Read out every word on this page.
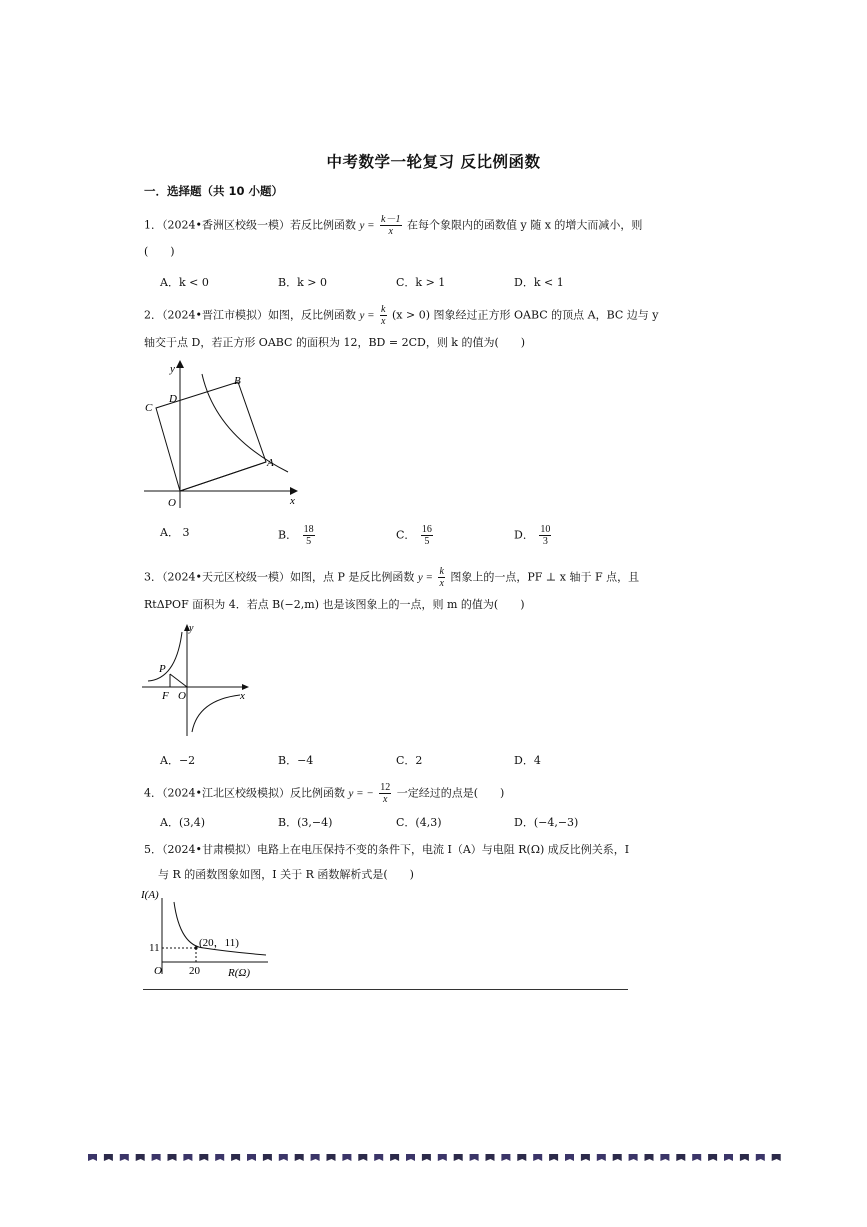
中考数学一轮复习 反比例函数
一．选择题（共 10 小题）
1．（2024•香洲区校级一模）若反比例函数 $y = \frac{k-1}{x}$ 在每个象限内的函数值 y 随 x 的增大而减小，则
(　　)
A．k < 0	B．k > 0	C．k > 1	D．k < 1
2．（2024•晋江市模拟）如图，反比例函数 $y = \frac{k}{x} (x > 0)$ 图象经过正方形 OABC 的顶点 A，BC 边与 y
轴交于点 D，若正方形 OABC 的面积为 12，BD = 2CD，则 k 的值为(　　)
y
x
O
A
B
C
D
A． 3	B． $\frac{18}{5}$	C． $\frac{16}{5}$	D． $\frac{10}{3}$
3．（2024•天元区校级一模）如图，点 P 是反比例函数 $y = \frac{k}{x}$ 图象上的一点，PF ⊥ x 轴于 F 点，且
RtΔPOF 面积为 4．若点 B(−2,m) 也是该图象上的一点，则 m 的值为(　　)
y
x
O
P
F
A．−2	B．−4	C．2	D．4
4．（2024•江北区校级模拟）反比例函数 y = − $\frac{12}{x}$ 一定经过的点是(　　)
A．(3,4)	B．(3,−4)	C．(4,3)	D．(−4,−3)
5．（2024•甘肃模拟）电路上在电压保持不变的条件下，电流 I（A）与电阻 R(Ω) 成反比例关系，I
与 R 的函数图象如图，I 关于 R 函数解析式是(　　)
I(A)
R(Ω)
O
11
20
(20，11)
